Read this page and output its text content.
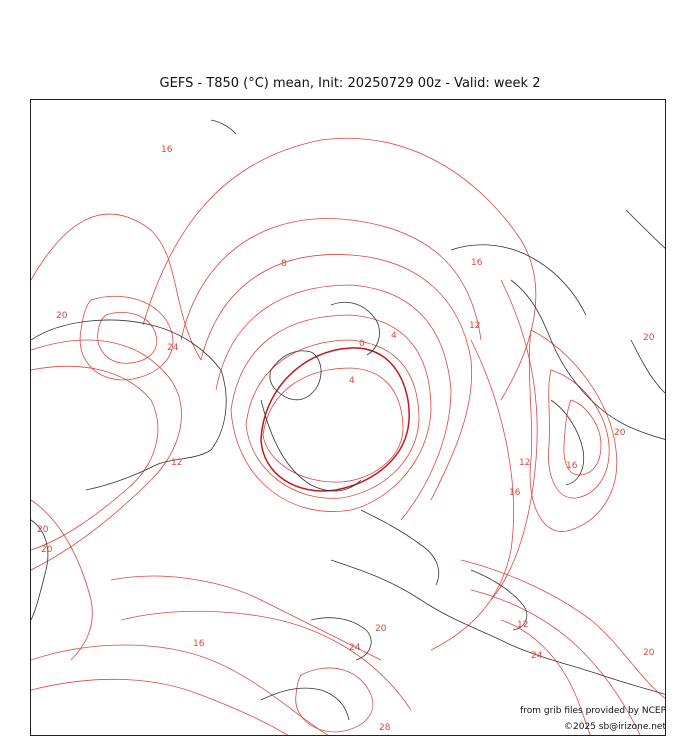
GEFS - T850 (°C) mean, Init: 20250729 00z - Valid: week 2
16
8	16
12
20
20
24
12
4
0
4
16
12	16
20
16	24
28
12
20
20
24	20
20
from grib files provided by NCEP
©2025 sb@irizone.net
